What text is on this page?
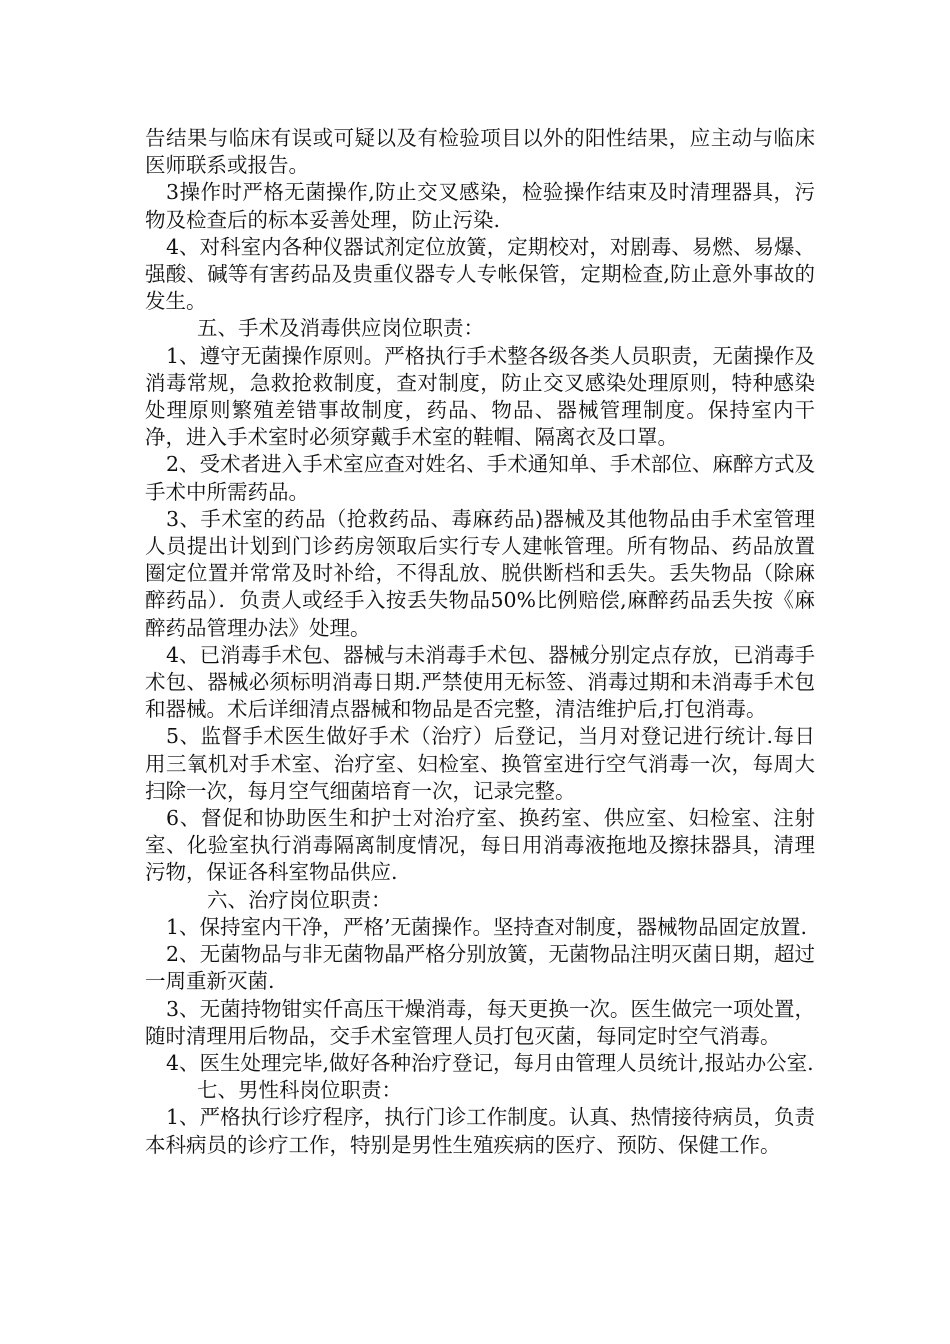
告结果与临床有误或可疑以及有检验项目以外的阳性结果，应主动与临床医师联系或报告。

3操作时严格无菌操作,防止交叉感染，检验操作结束及时清理器具，污物及检查后的标本妥善处理，防止污染.

4、对科室内各种仪器试剂定位放簧，定期校对，对剧毒、易燃、易爆、强酸、碱等有害药品及贵重仪器专人专帐保管，定期检查,防止意外事故的发生。

五、手术及消毒供应岗位职责：

1、遵守无菌操作原则。严格执行手术整各级各类人员职责，无菌操作及消毒常规，急救抢救制度，查对制度，防止交叉感染处理原则，特种感染处理原则繁殖差错事故制度，药品、物品、器械管理制度。保持室内干净，进入手术室时必须穿戴手术室的鞋帽、隔离衣及口罩。

2、受术者进入手术室应查对姓名、手术通知单、手术部位、麻醉方式及手术中所需药品。

3、手术室的药品（抢救药品、毒麻药品)器械及其他物品由手术室管理人员提出计划到门诊药房领取后实行专人建帐管理。所有物品、药品放置圈定位置并常常及时补给，不得乱放、脱供断档和丢失。丢失物品（除麻醉药品）．负责人或经手入按丢失物品50%比例赔偿,麻醉药品丢失按《麻醉药品管理办法》处理。

4、已消毒手术包、器械与未消毒手术包、器械分别定点存放，已消毒手术包、器械必须标明消毒日期.严禁使用无标签、消毒过期和未消毒手术包和器械。术后详细清点器械和物品是否完整，清洁维护后,打包消毒。

5、监督手术医生做好手术（治疗）后登记，当月对登记进行统计.每日用三氧机对手术室、治疗室、妇检室、换管室进行空气消毒一次，每周大扫除一次，每月空气细菌培育一次，记录完整。

6、督促和协助医生和护士对治疗室、换药室、供应室、妇检室、注射室、化验室执行消毒隔离制度情况，每日用消毒液拖地及擦抹器具，清理污物，保证各科室物品供应.

六、治疗岗位职责：

1、保持室内干净，严格’无菌操作。坚持查对制度，器械物品固定放置.

2、无菌物品与非无菌物晶严格分别放簧，无菌物品注明灭菌日期，超过一周重新灭菌.

3、无菌持物钳实仟高压干燥消毒，每天更换一次。医生做完一项处置，随时清理用后物品，交手术室管理人员打包灭菌，每同定时空气消毒。

4、医生处理完毕,做好各种治疗登记，每月由管理人员统计,报站办公室.

七、男性科岗位职责：

1、严格执行诊疗程序，执行门诊工作制度。认真、热情接待病员，负责本科病员的诊疗工作，特别是男性生殖疾病的医疗、预防、保健工作。
